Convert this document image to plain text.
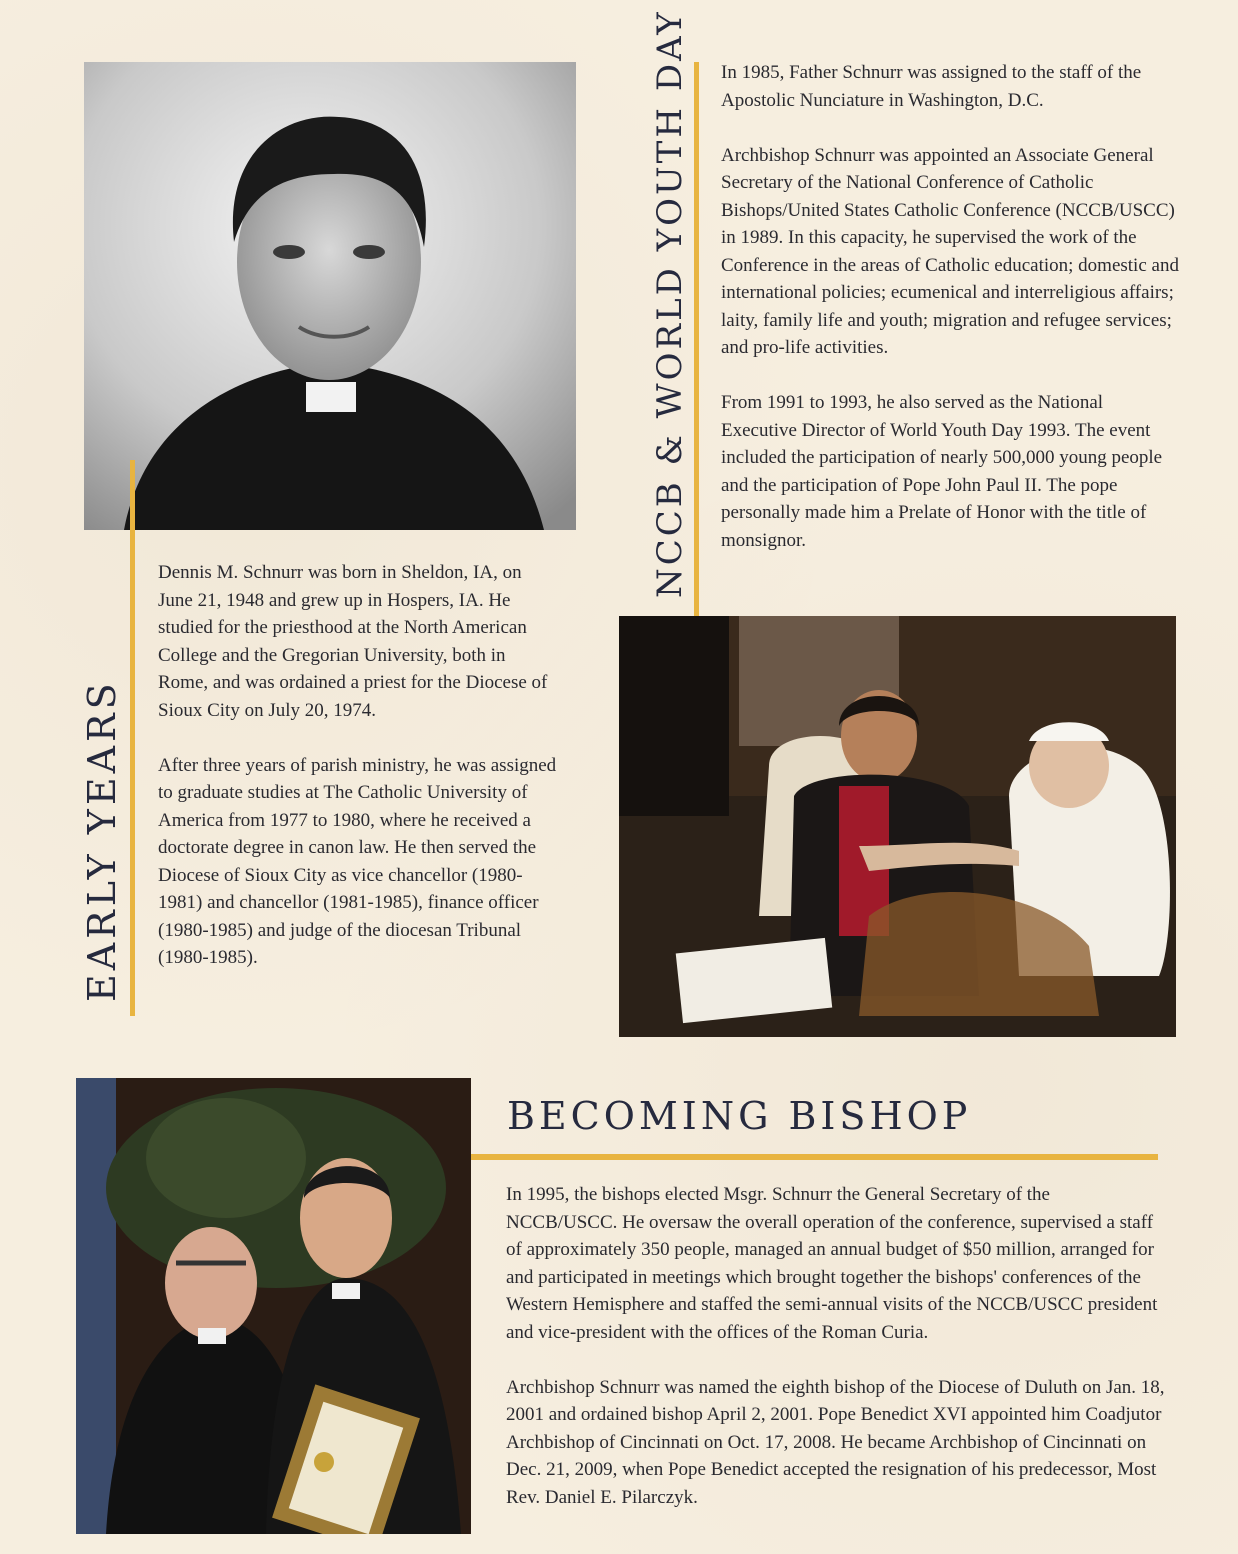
EARLY YEARS
NCCB & WORLD YOUTH DAY

Dennis M. Schnurr was born in Sheldon, IA, on June 21, 1948 and grew up in Hospers, IA. He studied for the priesthood at the North American College and the Gregorian University, both in Rome, and was ordained a priest for the Diocese of Sioux City on July 20, 1974.

After three years of parish ministry, he was assigned to graduate studies at The Catholic University of America from 1977 to 1980, where he received a doctorate degree in canon law. He then served the Diocese of Sioux City as vice chancellor (1980-1981) and chancellor (1981-1985), finance officer (1980-1985) and judge of the diocesan Tribunal (1980-1985).

In 1985, Father Schnurr was assigned to the staff of the Apostolic Nunciature in Washington, D.C.

Archbishop Schnurr was appointed an Associate General Secretary of the National Conference of Catholic Bishops/United States Catholic Conference (NCCB/USCC) in 1989. In this capacity, he supervised the work of the Conference in the areas of Catholic education; domestic and international policies; ecumenical and interreligious affairs; laity, family life and youth; migration and refugee services; and pro-life activities.

From 1991 to 1993, he also served as the National Executive Director of World Youth Day 1993. The event included the participation of nearly 500,000 young people and the participation of Pope John Paul II. The pope personally made him a Prelate of Honor with the title of monsignor.

BECOMING BISHOP

In 1995, the bishops elected Msgr. Schnurr the General Secretary of the NCCB/USCC. He oversaw the overall operation of the conference, supervised a staff of approximately 350 people, managed an annual budget of $50 million, arranged for and participated in meetings which brought together the bishops' conferences of the Western Hemisphere and staffed the semi-annual visits of the NCCB/USCC president and vice-president with the offices of the Roman Curia.

Archbishop Schnurr was named the eighth bishop of the Diocese of Duluth on Jan. 18, 2001 and ordained bishop April 2, 2001. Pope Benedict XVI appointed him Coadjutor Archbishop of Cincinnati on Oct. 17, 2008. He became Archbishop of Cincinnati on Dec. 21, 2009, when Pope Benedict accepted the resignation of his predecessor, Most Rev. Daniel E. Pilarczyk.
